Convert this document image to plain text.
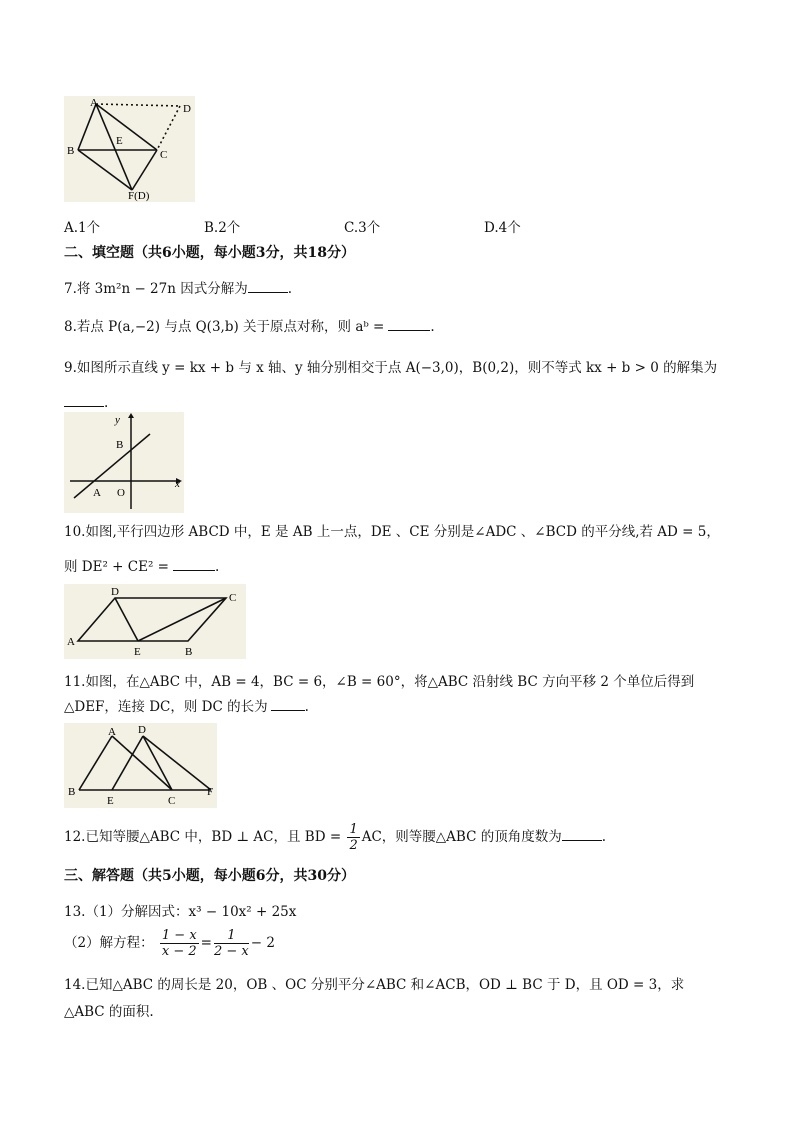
A	D
B
E
C
F(D)
A.1个	B.2个	C.3个	D.4个
二、填空题（共6小题，每小题3分，共18分）
7.将 3m²n − 27n 因式分解为	.
8.若点 P(a,−2) 与点 Q(3,b) 关于原点对称，则 aᵇ =	.
9.如图所示直线 y = kx + b 与 x 轴、y 轴分别相交于点 A(−3,0)，B(0,2)，则不等式 kx + b > 0 的解集为
.
y
x
B
A O
10.如图,平行四边形 ABCD 中，E 是 AB 上一点，DE 、CE 分别是∠ADC 、∠BCD 的平分线,若 AD = 5，
则 DE² + CE² =	.
D	C
A
E	B
11.如图，在△ABC 中，AB = 4，BC = 6，∠B = 60°，将△ABC 沿射线 BC 方向平移 2 个单位后得到
△DEF，连接 DC，则 DC 的长为	.
A D
B
E	C
F
12.已知等腰△ABC 中，BD ⊥ AC，且 BD = $\frac{1}{2}$ AC，则等腰△ABC 的顶角度数为	.
三、解答题（共5小题，每小题6分，共30分）
13.（1）分解因式：x³ − 10x² + 25x
（2）解方程： $\frac{1 - x}{x - 2} = \frac{1}{2 - x} - 2$
14.已知△ABC 的周长是 20，OB 、OC 分别平分∠ABC 和∠ACB，OD ⊥ BC 于 D，且 OD = 3，求
△ABC 的面积.
